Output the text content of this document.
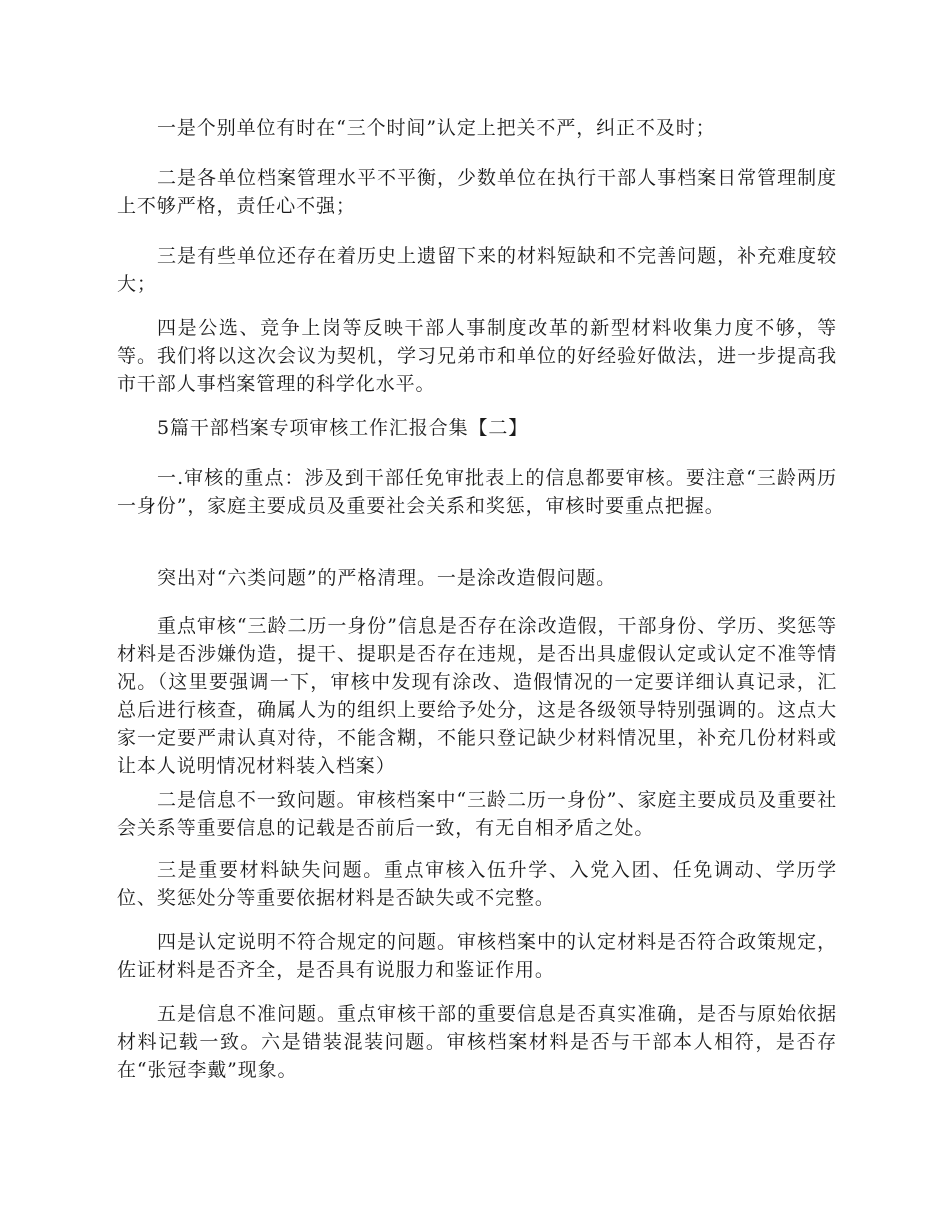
一是个别单位有时在“三个时间”认定上把关不严，纠正不及时；

二是各单位档案管理水平不平衡，少数单位在执行干部人事档案日常管理制度上不够严格，责任心不强；

三是有些单位还存在着历史上遗留下来的材料短缺和不完善问题，补充难度较大；

四是公选、竞争上岗等反映干部人事制度改革的新型材料收集力度不够，等等。我们将以这次会议为契机，学习兄弟市和单位的好经验好做法，进一步提高我市干部人事档案管理的科学化水平。

5篇干部档案专项审核工作汇报合集【二】

一.审核的重点：涉及到干部任免审批表上的信息都要审核。要注意“三龄两历一身份”，家庭主要成员及重要社会关系和奖惩，审核时要重点把握。

突出对“六类问题”的严格清理。一是涂改造假问题。

重点审核“三龄二历一身份”信息是否存在涂改造假，干部身份、学历、奖惩等材料是否涉嫌伪造，提干、提职是否存在违规，是否出具虚假认定或认定不准等情况。（这里要强调一下，审核中发现有涂改、造假情况的一定要详细认真记录，汇总后进行核查，确属人为的组织上要给予处分，这是各级领导特别强调的。这点大家一定要严肃认真对待，不能含糊，不能只登记缺少材料情况里，补充几份材料或让本人说明情况材料装入档案）

二是信息不一致问题。审核档案中“三龄二历一身份”、家庭主要成员及重要社会关系等重要信息的记载是否前后一致，有无自相矛盾之处。

三是重要材料缺失问题。重点审核入伍升学、入党入团、任免调动、学历学位、奖惩处分等重要依据材料是否缺失或不完整。

四是认定说明不符合规定的问题。审核档案中的认定材料是否符合政策规定，佐证材料是否齐全，是否具有说服力和鉴证作用。

五是信息不准问题。重点审核干部的重要信息是否真实准确，是否与原始依据材料记载一致。六是错装混装问题。审核档案材料是否与干部本人相符，是否存在“张冠李戴”现象。
